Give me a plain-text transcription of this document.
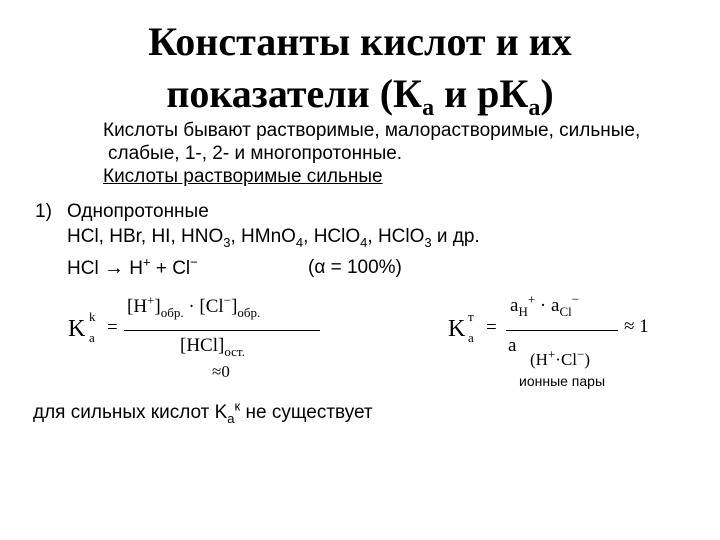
Константы кислот и их
показатели ($К_а$ и $рК_а$)
Кислоты бывают растворимые, малорастворимые, сильные,
слабые, 1-, 2- и многопротонные.
Кислоты растворимые сильные
1) Однопротонные
HCl, HBr, HI, $HNO_3$, HMnO$_4$, HClO$_4$, HClO$_3$ и др.
HCl → H+ + Cl−	(α = 100%)
K k
a =
$[H^+]_{обр.} \cdot [Cl^-]_{обр.}$
$[HCl]_{ост.}$
≈0
K т
a =
$a_H^+ \cdot a_{Cl}^-$
a
≈ 1
(H+·Cl−)
ионные пары
для сильных кислот $K_а^к$ не существует
